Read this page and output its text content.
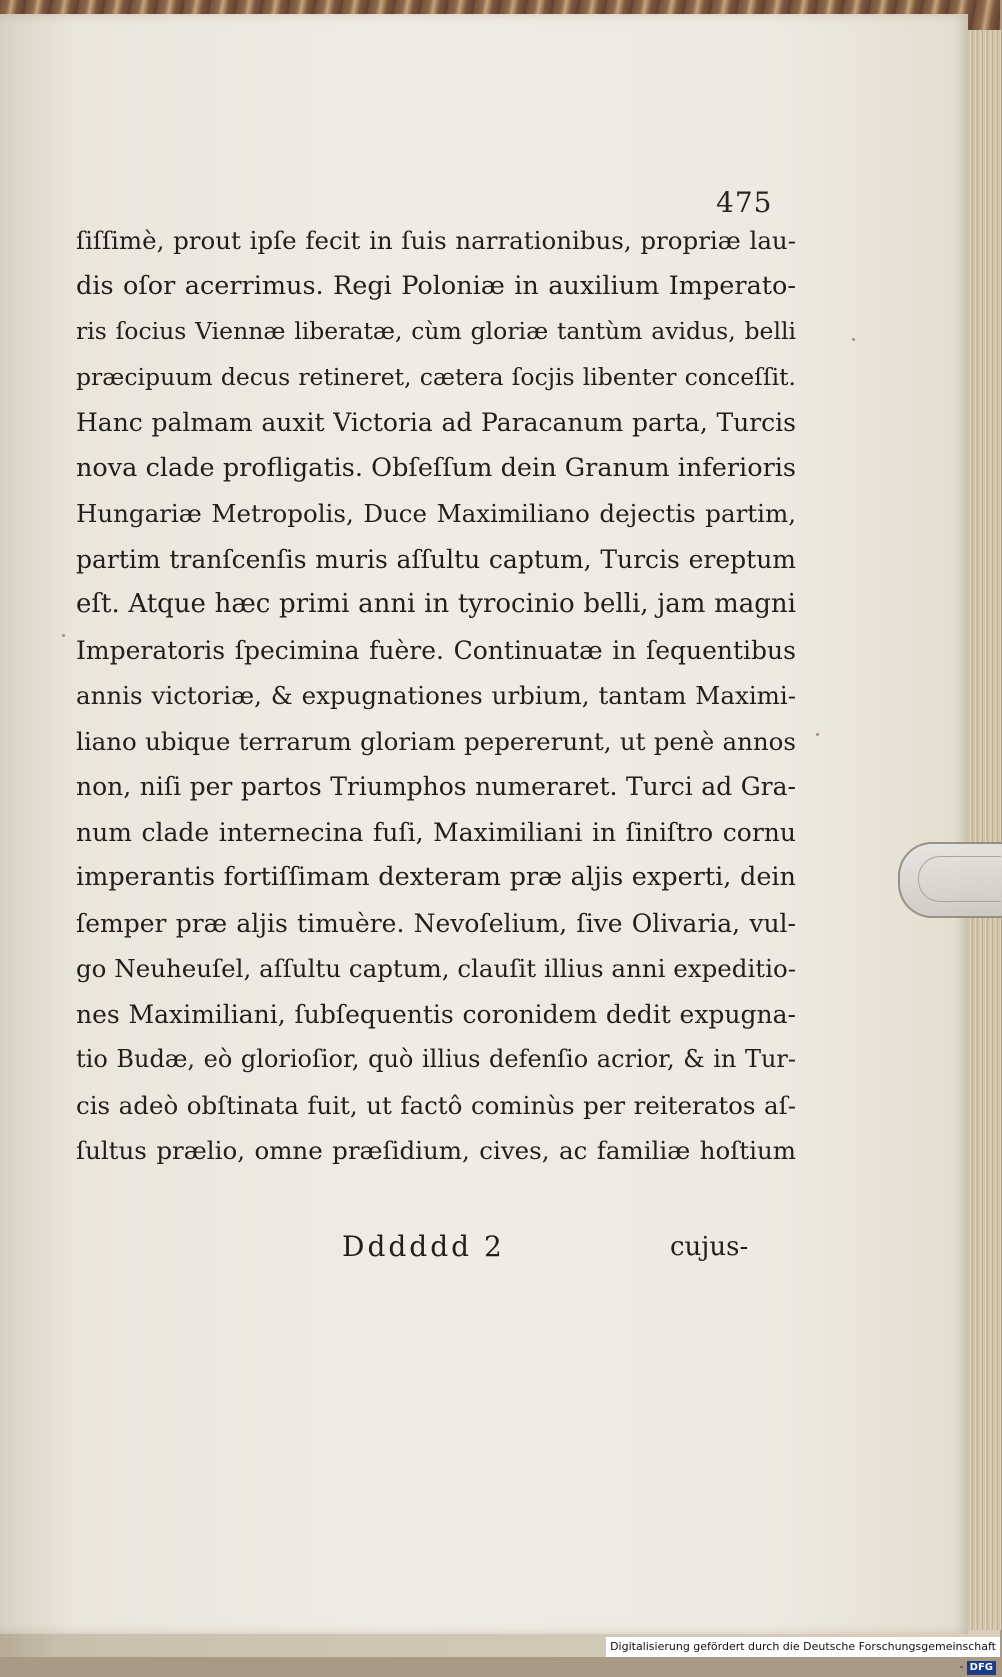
475
ſiſſimè, prout ipſe fecit in ſuis narrationibus, propriæ lau-
dis oſor acerrimus. Regi Poloniæ in auxilium Imperato-
ris ſocius Viennæ liberatæ, cùm gloriæ tantùm avidus, belli
præcipuum decus retineret, cætera ſocjis libenter conceſſit.
Hanc palmam auxit Victoria ad Paracanum parta, Turcis
nova clade profligatis. Obſeſſum dein Granum inferioris
Hungariæ Metropolis, Duce Maximiliano dejectis partim,
partim tranſcenſis muris aſſultu captum, Turcis ereptum
eſt. Atque hæc primi anni in tyrocinio belli, jam magni
Imperatoris ſpecimina fuère. Continuatæ in ſequentibus
annis victoriæ, & expugnationes urbium, tantam Maximi-
liano ubique terrarum gloriam pepererunt, ut penè annos
non, niſi per partos Triumphos numeraret. Turci ad Gra-
num clade internecina fuſi, Maximiliani in ſiniſtro cornu
imperantis fortiſſimam dexteram præ aljis experti, dein
ſemper præ aljis timuère. Nevoſelium, ſive Olivaria, vul-
go Neuheuſel, aſſultu captum, clauſit illius anni expeditio-
nes Maximiliani, ſubſequentis coronidem dedit expugna-
tio Budæ, eò glorioſior, quò illius defenſio acrior, & in Tur-
cis adeò obſtinata fuit, ut factô cominùs per reiteratos aſ-
ſultus prælio, omne præſidium, cives, ac familiæ hoſtium
Dddddd 2	cujus-
Digitalisierung gefördert durch die Deutsche Forschungsgemeinschaft - DFG
